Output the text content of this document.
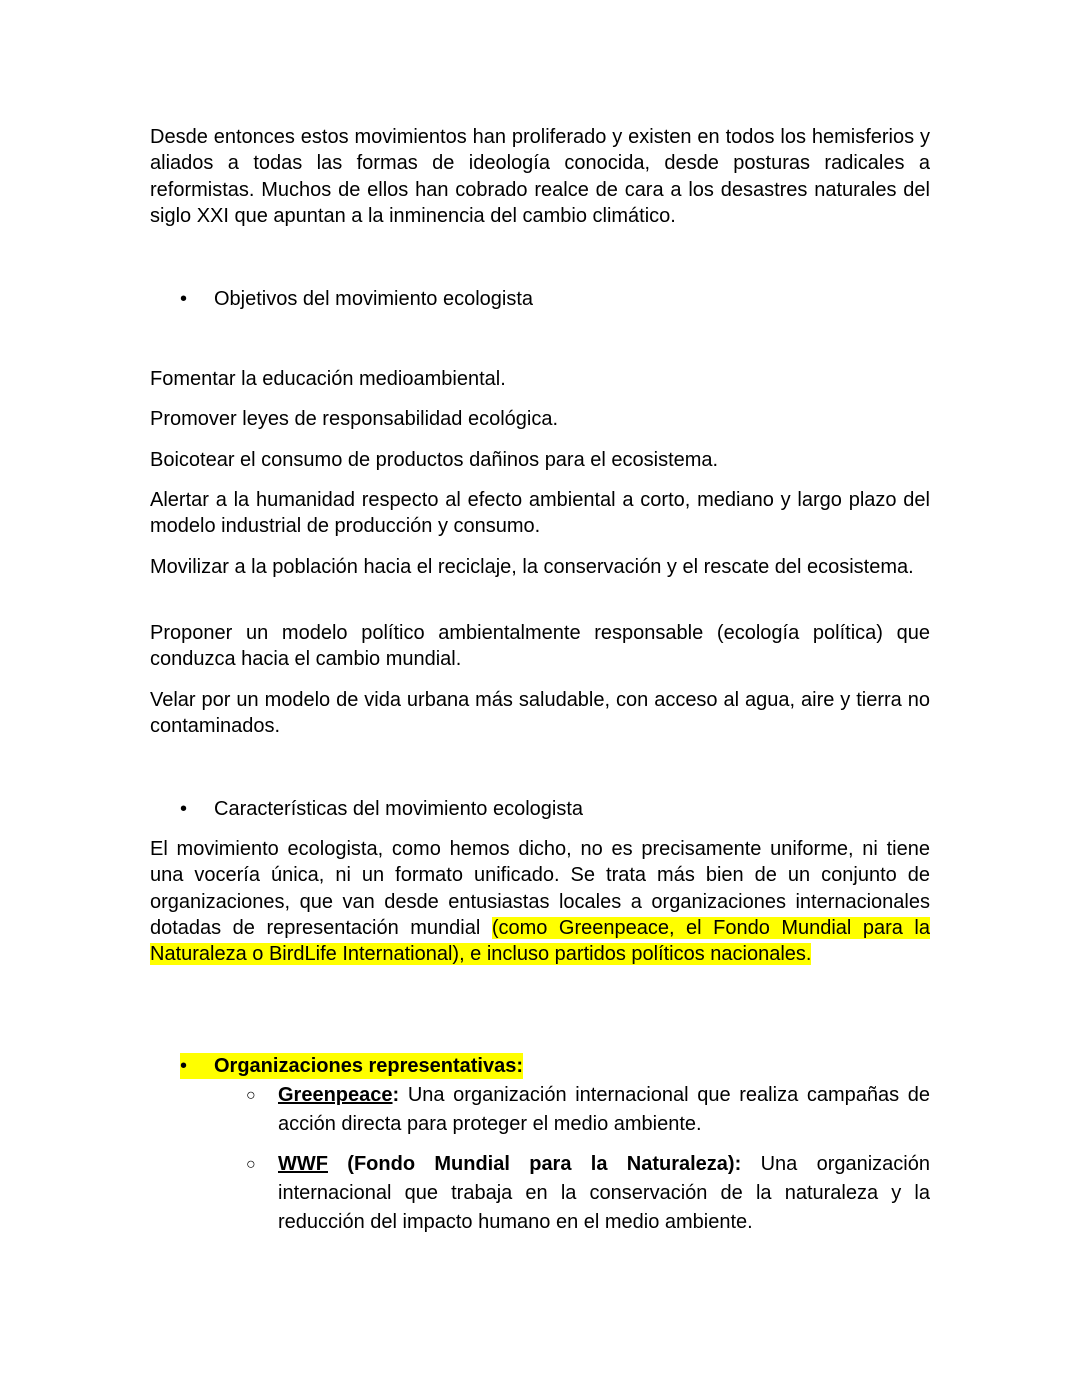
Desde entonces estos movimientos han proliferado y existen en todos los hemisferios y aliados a todas las formas de ideología conocida, desde posturas radicales a reformistas. Muchos de ellos han cobrado realce de cara a los desastres naturales del siglo XXI que apuntan a la inminencia del cambio climático.

•	Objetivos del movimiento ecologista

Fomentar la educación medioambiental.

Promover leyes de responsabilidad ecológica.

Boicotear el consumo de productos dañinos para el ecosistema.

Alertar a la humanidad respecto al efecto ambiental a corto, mediano y largo plazo del modelo industrial de producción y consumo.

Movilizar a la población hacia el reciclaje, la conservación y el rescate del ecosistema.

Proponer un modelo político ambientalmente responsable (ecología política) que conduzca hacia el cambio mundial.

Velar por un modelo de vida urbana más saludable, con acceso al agua, aire y tierra no contaminados.

•	Características del movimiento ecologista

El movimiento ecologista, como hemos dicho, no es precisamente uniforme, ni tiene una vocería única, ni un formato unificado. Se trata más bien de un conjunto de organizaciones, que van desde entusiastas locales a organizaciones internacionales dotadas de representación mundial (como Greenpeace, el Fondo Mundial para la Naturaleza o BirdLife International), e incluso partidos políticos nacionales.

•	Organizaciones representativas:
○	Greenpeace: Una organización internacional que realiza campañas de acción directa para proteger el medio ambiente.

○	WWF (Fondo Mundial para la Naturaleza): Una organización internacional que trabaja en la conservación de la naturaleza y la reducción del impacto humano en el medio ambiente.
